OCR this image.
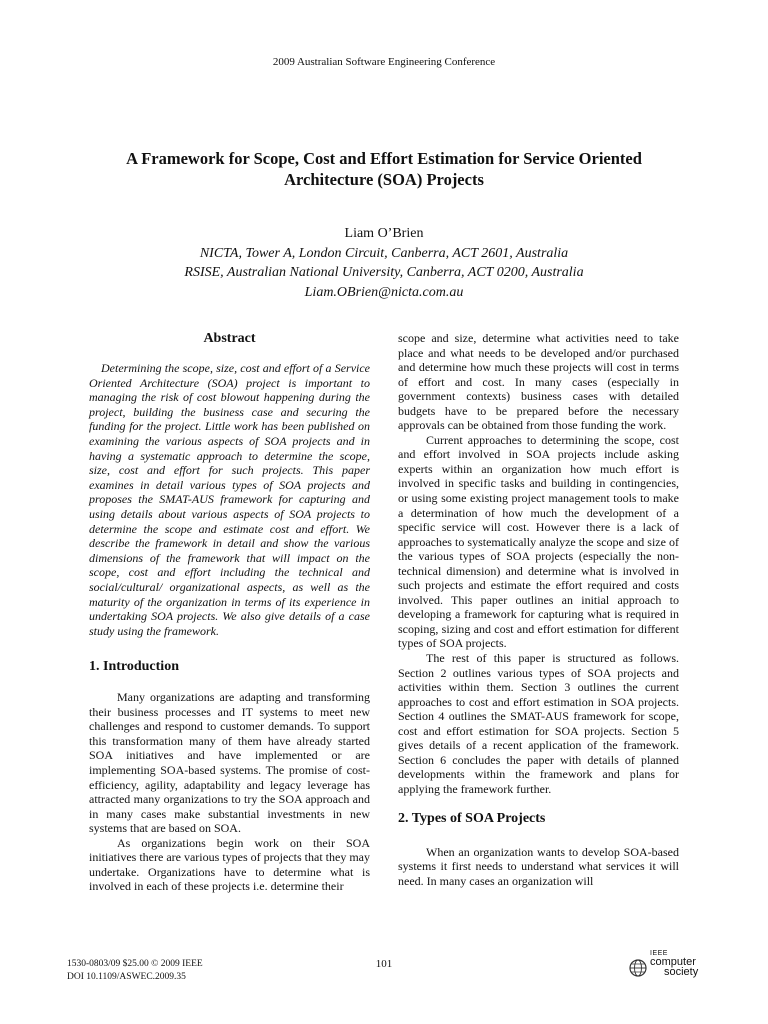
2009 Australian Software Engineering Conference
A Framework for Scope, Cost and Effort Estimation for Service Oriented Architecture (SOA) Projects
Liam O’Brien
NICTA, Tower A, London Circuit, Canberra, ACT 2601, Australia
RSISE, Australian National University, Canberra, ACT 0200, Australia
Liam.OBrien@nicta.com.au
Abstract

Determining the scope, size, cost and effort of a Service Oriented Architecture (SOA) project is important to managing the risk of cost blowout happening during the project, building the business case and securing the funding for the project. Little work has been published on examining the various aspects of SOA projects and in having a systematic approach to determine the scope, size, cost and effort for such projects. This paper examines in detail various types of SOA projects and proposes the SMAT-AUS framework for capturing and using details about various aspects of SOA projects to determine the scope and estimate cost and effort. We describe the framework in detail and show the various dimensions of the framework that will impact on the scope, cost and effort including the technical and social/cultural/ organizational aspects, as well as the maturity of the organization in terms of its experience in undertaking SOA projects. We also give details of a case study using the framework.

1. Introduction

Many organizations are adapting and transforming their business processes and IT systems to meet new challenges and respond to customer demands. To support this transformation many of them have already started SOA initiatives and have implemented or are implementing SOA-based systems. The promise of cost-efficiency, agility, adaptability and legacy leverage has attracted many organizations to try the SOA approach and in many cases make substantial investments in new systems that are based on SOA.

As organizations begin work on their SOA initiatives there are various types of projects that they may undertake. Organizations have to determine what is involved in each of these projects i.e. determine their

scope and size, determine what activities need to take place and what needs to be developed and/or purchased and determine how much these projects will cost in terms of effort and cost. In many cases (especially in government contexts) business cases with detailed budgets have to be prepared before the necessary approvals can be obtained from those funding the work.

Current approaches to determining the scope, cost and effort involved in SOA projects include asking experts within an organization how much effort is involved in specific tasks and building in contingencies, or using some existing project management tools to make a determination of how much the development of a specific service will cost. However there is a lack of approaches to systematically analyze the scope and size of the various types of SOA projects (especially the non-technical dimension) and determine what is involved in such projects and estimate the effort required and costs involved. This paper outlines an initial approach to developing a framework for capturing what is required in scoping, sizing and cost and effort estimation for different types of SOA projects.

The rest of this paper is structured as follows. Section 2 outlines various types of SOA projects and activities within them. Section 3 outlines the current approaches to cost and effort estimation in SOA projects. Section 4 outlines the SMAT-AUS framework for scope, cost and effort estimation for SOA projects. Section 5 gives details of a recent application of the framework. Section 6 concludes the paper with details of planned developments within the framework and plans for applying the framework further.

2. Types of SOA Projects

When an organization wants to develop SOA-based systems it first needs to understand what services it will need. In many cases an organization will

1530-0803/09 $25.00 © 2009 IEEE
DOI 10.1109/ASWEC.2009.35
101
IEEE
computer
society
